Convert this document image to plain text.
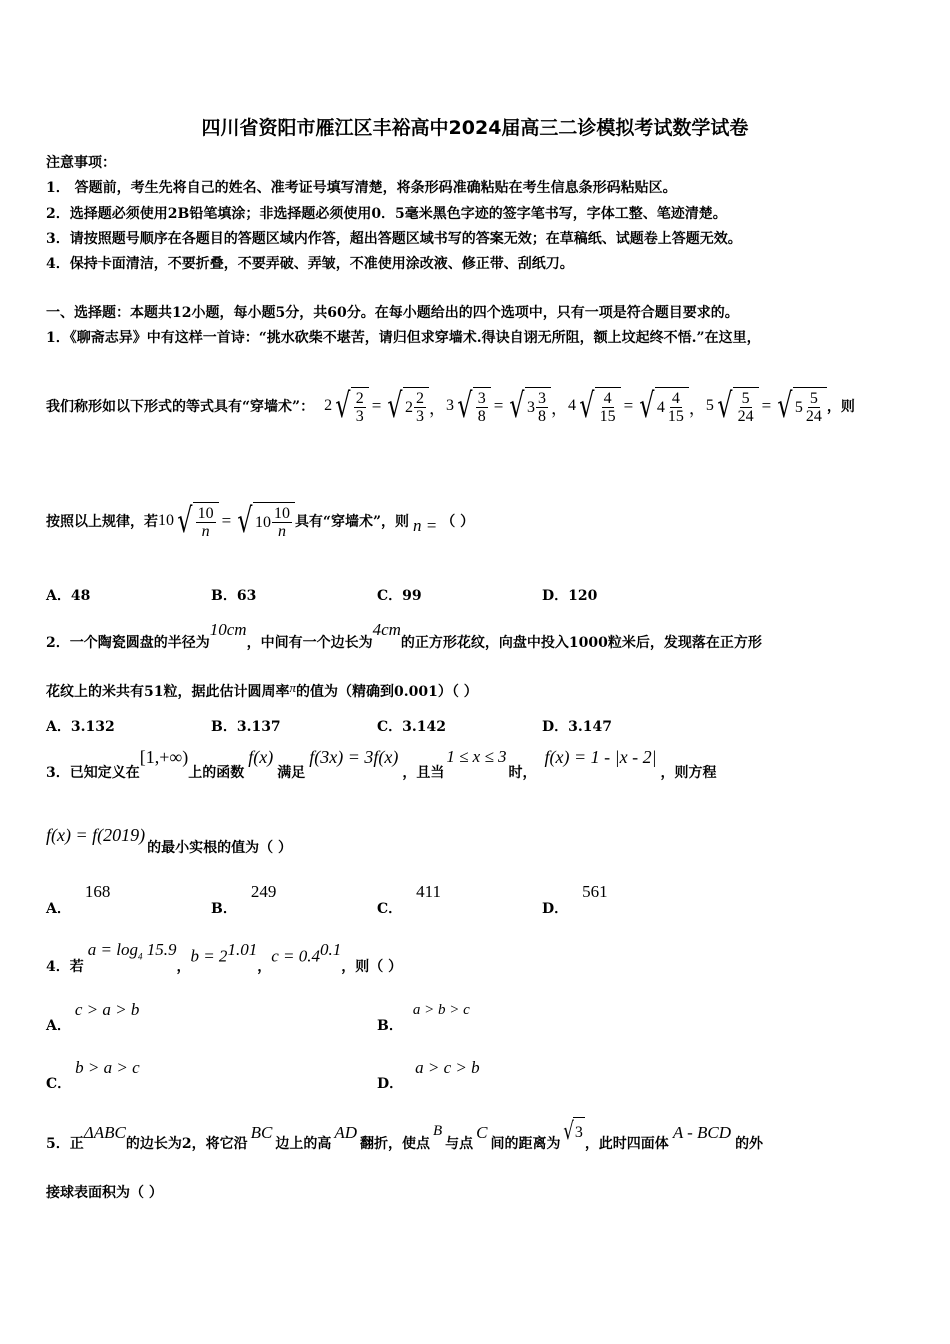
四川省资阳市雁江区丰裕高中2024届高三二诊模拟考试数学试卷
注意事项：
1． 答题前，考生先将自己的姓名、准考证号填写清楚，将条形码准确粘贴在考生信息条形码粘贴区。
2．选择题必须使用2B铅笔填涂；非选择题必须使用0．5毫米黑色字迹的签字笔书写，字体工整、笔迹清楚。
3．请按照题号顺序在各题目的答题区域内作答，超出答题区域书写的答案无效；在草稿纸、试题卷上答题无效。
4．保持卡面清洁，不要折叠，不要弄破、弄皱，不准使用涂改液、修正带、刮纸刀。
一、选择题：本题共12小题，每小题5分，共60分。在每小题给出的四个选项中，只有一项是符合题目要求的。
1．《聊斋志异》中有这样一首诗：“挑水砍柴不堪苦，请归但求穿墙术.得诀自诩无所阻，额上坟起终不悟.”在这里，
我们称形如以下形式的等式具有“穿墙术”： 2 √ $\frac{2}{3}$ = √ $2 \frac{2}{3}$ ， 3 √ $\frac{3}{8}$ = √ $3 \frac{3}{8}$ ， 4 √ $\frac{4}{15}$ = √ $4 \frac{4}{15}$ ， 5 √ $\frac{5}{24}$ = √ $5 \frac{5}{24}$ ，则
按照以上规律，若 10 √ $\frac{10}{n}$ = √ $10 \frac{10}{n}$ 具有“穿墙术”，则 n = （ ）
A．48	B．63	C．99	D．120
2．一个陶瓷圆盘的半径为
10cm
，中间有一个边长为
4cm
的正方形花纹，向盘中投入1000粒米后，发现落在正方形
花纹上的米共有51粒，据此估计圆周率 π 的值为（精确到0.001）（ ）
A．3.132	B．3.137	C．3.142	D．3.147
3．已知定义在
[1,+∞)
上的函数
f(x)
满足
f(3x) = 3f(x)
，且当
1 ≤ x ≤ 3
时，
f(x) = 1 - |x - 2|
，则方程
f(x) = f(2019)
的最小实根的值为（ ）
A．
168
B．
249
C．
411
D．
561
4．若
$a = \log_4 15.9$
，
$b = 2^{1.01}$
，
$c = 0.4^{0.1}$
，则（ ）
A．
c > a > b
B．
a > b > c
C．
b > a > c
D．
a > c > b
5．正
ΔABC
的边长为2，将它沿
BC
边上的高
AD
翻折，使点
B
与点
C
间的距离为 √ 3
，此时四面体
A - BCD
的外
接球表面积为（ ）
